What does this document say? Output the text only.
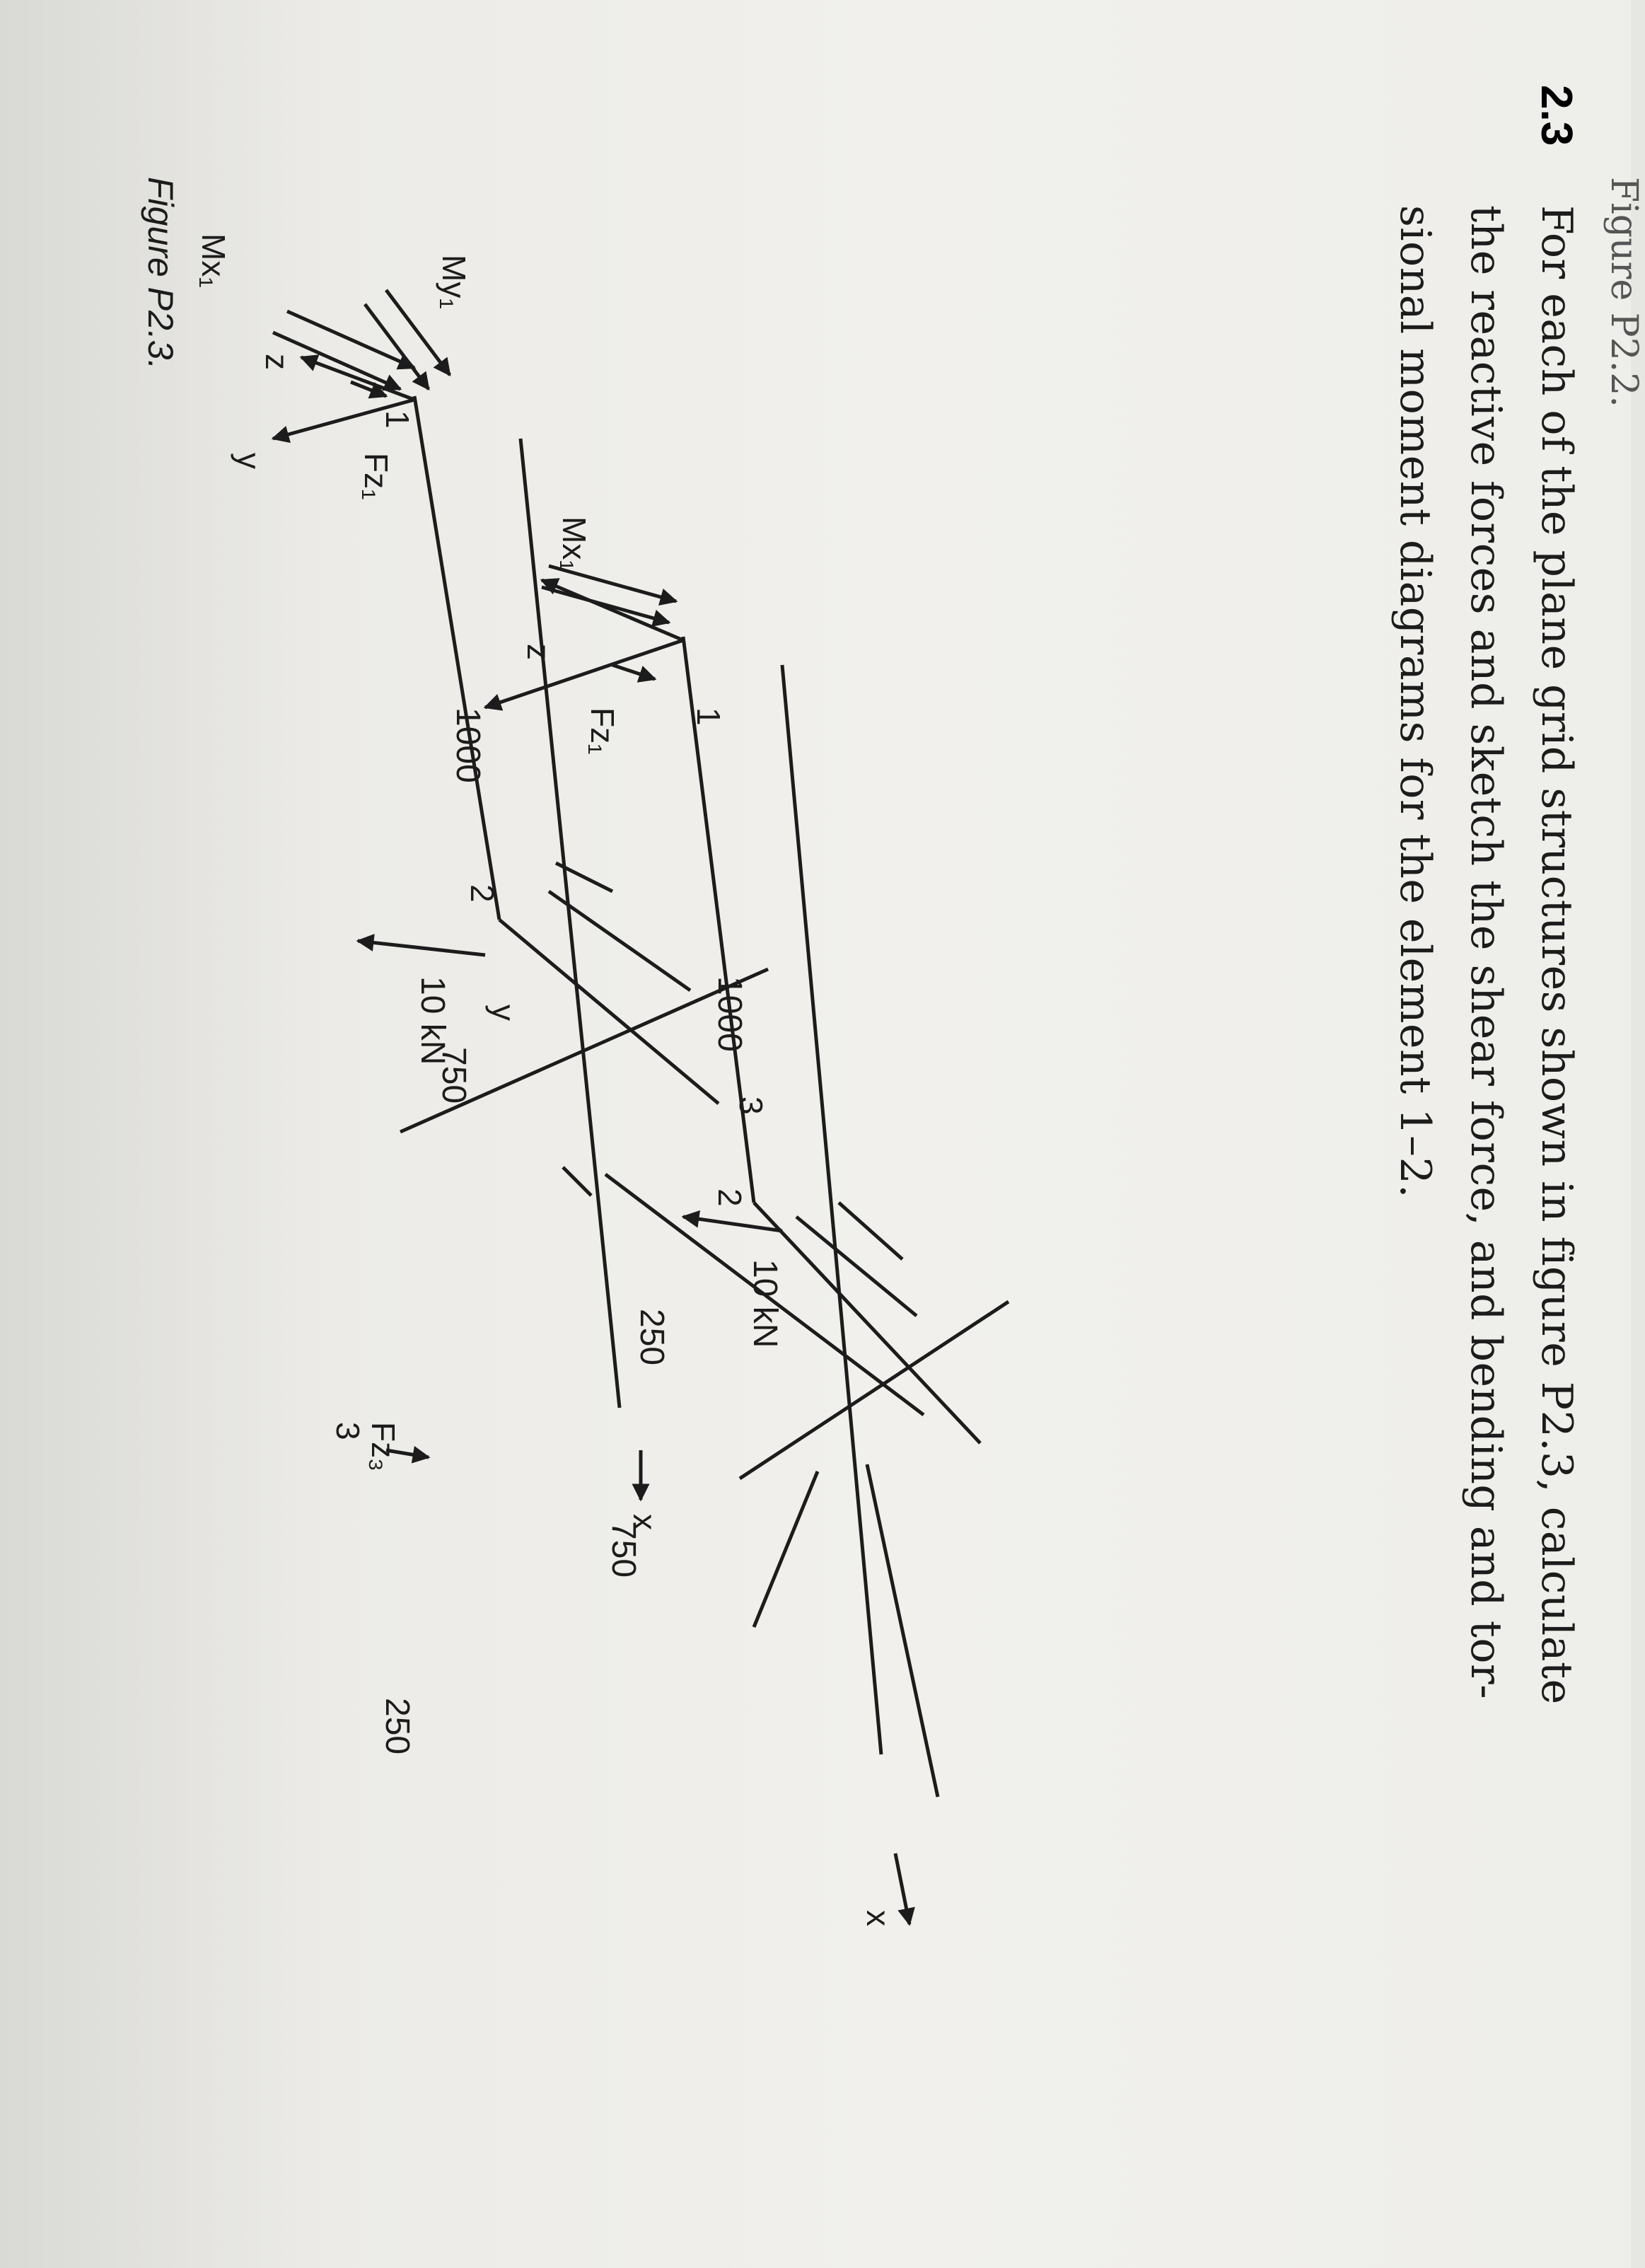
Figure P2.2.
2.3
For each of the plane grid structures shown in figure P2.3, calculate
the reactive forces and sketch the shear force, and bending and tor-
sional moment diagrams for the element 1–2.
z
y
x
1
2
3
1000
750
250
10 kN
Mx₁	My₁
Fz₁
z
y
x
1
2
3
1000
750
250
10 kN
Mx₁
Fz₁
Fz₃
Figure P2.3.
